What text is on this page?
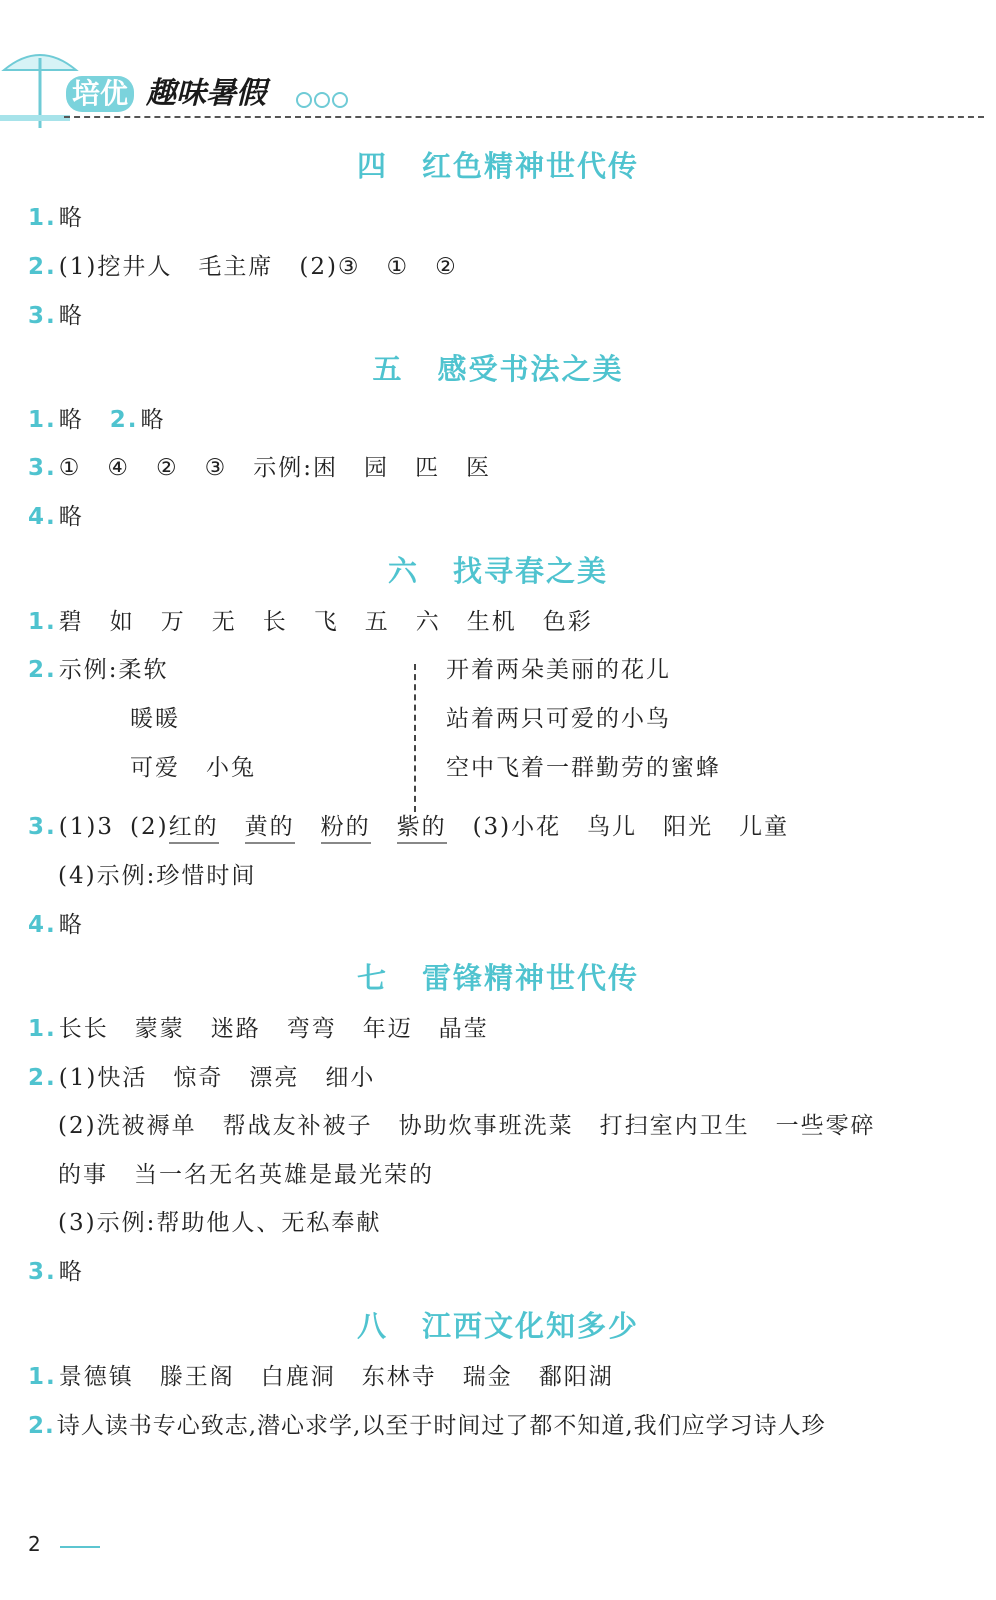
培优 趣味暑假
四 红色精神世代传
1.略
2.(1)挖井人 毛主席 (2)③ ① ②
3.略
五 感受书法之美
1.略 2.略
3.① ④ ② ③ 示例:困 园 匹 医
4.略
六 找寻春之美
1.碧 如 万 无 长 飞 五 六 生机 色彩
2.示例:柔软
暖暖
可爱 小兔
开着两朵美丽的花儿
站着两只可爱的小鸟
空中飞着一群勤劳的蜜蜂
3.(1)3 (2)红的 黄的 粉的 紫的 (3)小花 鸟儿 阳光 儿童
(4)示例:珍惜时间
4.略
七 雷锋精神世代传
1.长长 蒙蒙 迷路 弯弯 年迈 晶莹
2.(1)快活 惊奇 漂亮 细小
(2)洗被褥单 帮战友补被子 协助炊事班洗菜 打扫室内卫生 一些零碎
的事 当一名无名英雄是最光荣的
(3)示例:帮助他人、无私奉献
3.略
八 江西文化知多少
1.景德镇 滕王阁 白鹿洞 东林寺 瑞金 鄱阳湖
2.诗人读书专心致志,潜心求学,以至于时间过了都不知道,我们应学习诗人珍
2
